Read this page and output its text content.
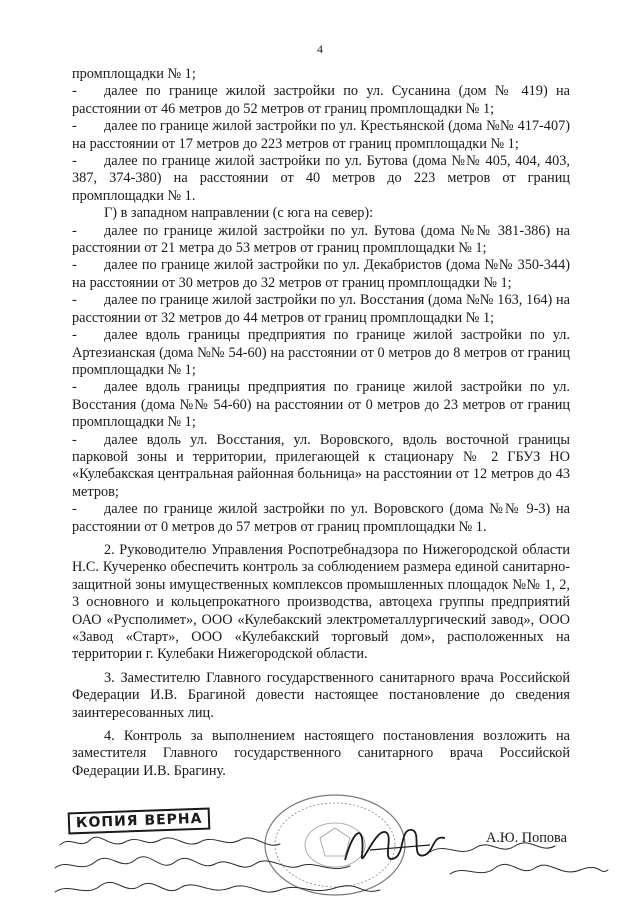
4

промплощадки № 1;

- далее по границе жилой застройки по ул. Сусанина (дом № 419) на расстоянии от 46 метров до 52 метров от границ промплощадки № 1;

- далее по границе жилой застройки по ул. Крестьянской (дома №№ 417-407) на расстоянии от 17 метров до 223 метров от границ промплощадки № 1;

- далее по границе жилой застройки по ул. Бутова (дома №№ 405, 404, 403, 387, 374-380) на расстоянии от 40 метров до 223 метров от границ промплощадки № 1.

Г) в западном направлении (с юга на север):

- далее по границе жилой застройки по ул. Бутова (дома №№ 381-386) на расстоянии от 21 метра до 53 метров от границ промплощадки № 1;

- далее по границе жилой застройки по ул. Декабристов (дома №№ 350-344) на расстоянии от 30 метров до 32 метров от границ промплощадки № 1;

- далее по границе жилой застройки по ул. Восстания (дома №№ 163, 164) на расстоянии от 32 метров до 44 метров от границ промплощадки № 1;

- далее вдоль границы предприятия по границе жилой застройки по ул. Артезианская (дома №№ 54-60) на расстоянии от 0 метров до 8 метров от границ промплощадки № 1;

- далее вдоль границы предприятия по границе жилой застройки по ул. Восстания (дома №№ 54-60) на расстоянии от 0 метров до 23 метров от границ промплощадки № 1;

- далее вдоль ул. Восстания, ул. Воровского, вдоль восточной границы парковой зоны и территории, прилегающей к стационару № 2 ГБУЗ НО «Кулебакская центральная районная больница» на расстоянии от 12 метров до 43 метров;

- далее по границе жилой застройки по ул. Воровского (дома №№ 9-3) на расстоянии от 0 метров до 57 метров от границ промплощадки № 1.

2. Руководителю Управления Роспотребнадзора по Нижегородской области Н.С. Кучеренко обеспечить контроль за соблюдением размера единой санитарно-защитной зоны имущественных комплексов промышленных площадок №№ 1, 2, 3 основного и кольцепрокатного производства, автоцеха группы предприятий ОАО «Русполимет», ООО «Кулебакский электрометаллургический завод», ООО «Завод «Старт», ООО «Кулебакский торговый дом», расположенных на территории г. Кулебаки Нижегородской области.

3. Заместителю Главного государственного санитарного врача Российской Федерации И.В. Брагиной довести настоящее постановление до сведения заинтересованных лиц.

4. Контроль за выполнением настоящего постановления возложить на заместителя Главного государственного санитарного врача Российской Федерации И.В. Брагину.

КОПИЯ ВЕРНА
А.Ю. Попова
